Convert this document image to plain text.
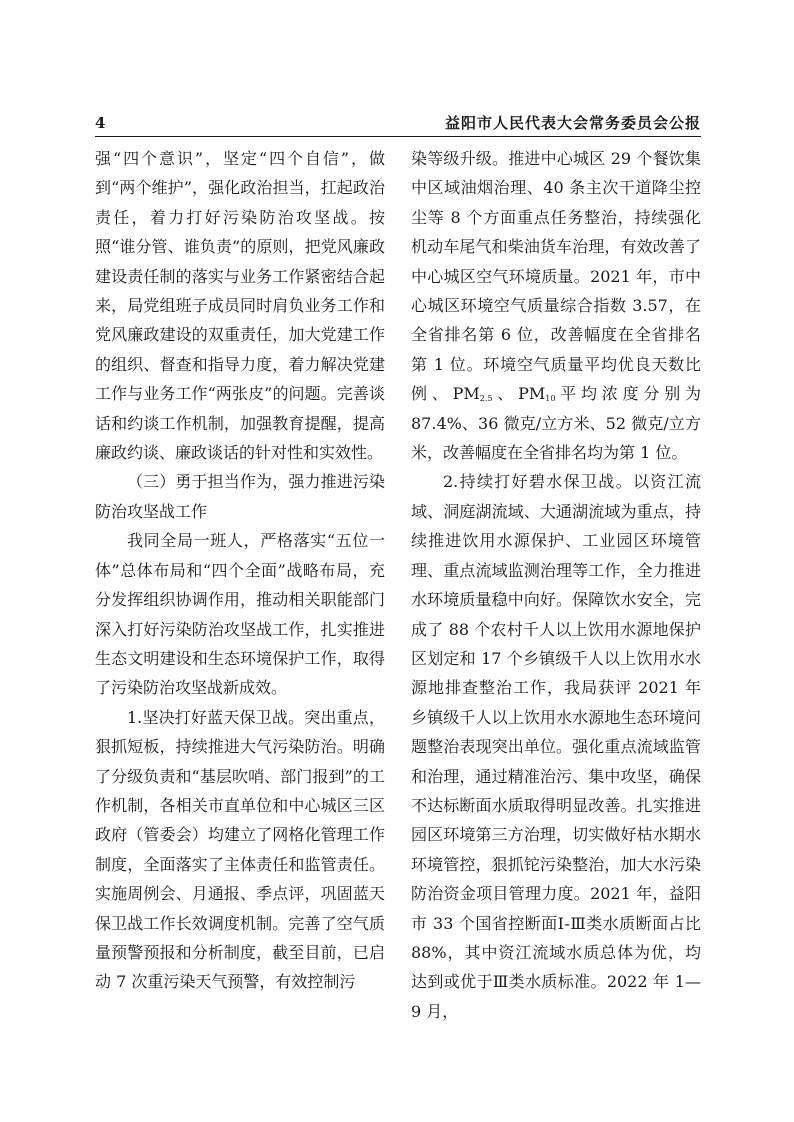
4	益阳市人民代表大会常务委员会公报

强“四个意识”，坚定“四个自信”，做到“两个维护”，强化政治担当，扛起政治责任，着力打好污染防治攻坚战。按照“谁分管、谁负责”的原则，把党风廉政建设责任制的落实与业务工作紧密结合起来，局党组班子成员同时肩负业务工作和党风廉政建设的双重责任，加大党建工作的组织、督查和指导力度，着力解决党建工作与业务工作“两张皮”的问题。完善谈话和约谈工作机制，加强教育提醒，提高廉政约谈、廉政谈话的针对性和实效性。

（三）勇于担当作为，强力推进污染防治攻坚战工作

我同全局一班人，严格落实“五位一体”总体布局和“四个全面”战略布局，充分发挥组织协调作用，推动相关职能部门深入打好污染防治攻坚战工作，扎实推进生态文明建设和生态环境保护工作，取得了污染防治攻坚战新成效。

1.坚决打好蓝天保卫战。突出重点，狠抓短板，持续推进大气污染防治。明确了分级负责和“基层吹哨、部门报到”的工作机制，各相关市直单位和中心城区三区政府（管委会）均建立了网格化管理工作制度，全面落实了主体责任和监管责任。实施周例会、月通报、季点评，巩固蓝天保卫战工作长效调度机制。完善了空气质量预警预报和分析制度，截至目前，已启动 7 次重污染天气预警，有效控制污

染等级升级。推进中心城区 29 个餐饮集中区域油烟治理、40 条主次干道降尘控尘等 8 个方面重点任务整治，持续强化机动车尾气和柴油货车治理，有效改善了中心城区空气环境质量。2021 年，市中心城区环境空气质量综合指数 3.57，在全省排名第 6 位，改善幅度在全省排名第 1 位。环境空气质量平均优良天数比例、$PM_{2.5}$、$PM_{10}$平均浓度分别为 87.4%、36 微克/立方米、52 微克/立方米，改善幅度在全省排名均为第 1 位。

2.持续打好碧水保卫战。以资江流域、洞庭湖流域、大通湖流域为重点，持续推进饮用水源保护、工业园区环境管理、重点流域监测治理等工作，全力推进水环境质量稳中向好。保障饮水安全，完成了 88 个农村千人以上饮用水源地保护区划定和 17 个乡镇级千人以上饮用水水源地排查整治工作，我局获评 2021 年乡镇级千人以上饮用水水源地生态环境问题整治表现突出单位。强化重点流域监管和治理，通过精准治污、集中攻坚，确保不达标断面水质取得明显改善。扎实推进园区环境第三方治理，切实做好枯水期水环境管控，狠抓铊污染整治，加大水污染防治资金项目管理力度。2021 年，益阳市 33 个国省控断面Ⅰ-Ⅲ类水质断面占比 88%，其中资江流域水质总体为优，均达到或优于Ⅲ类水质标准。2022 年 1—9 月，
